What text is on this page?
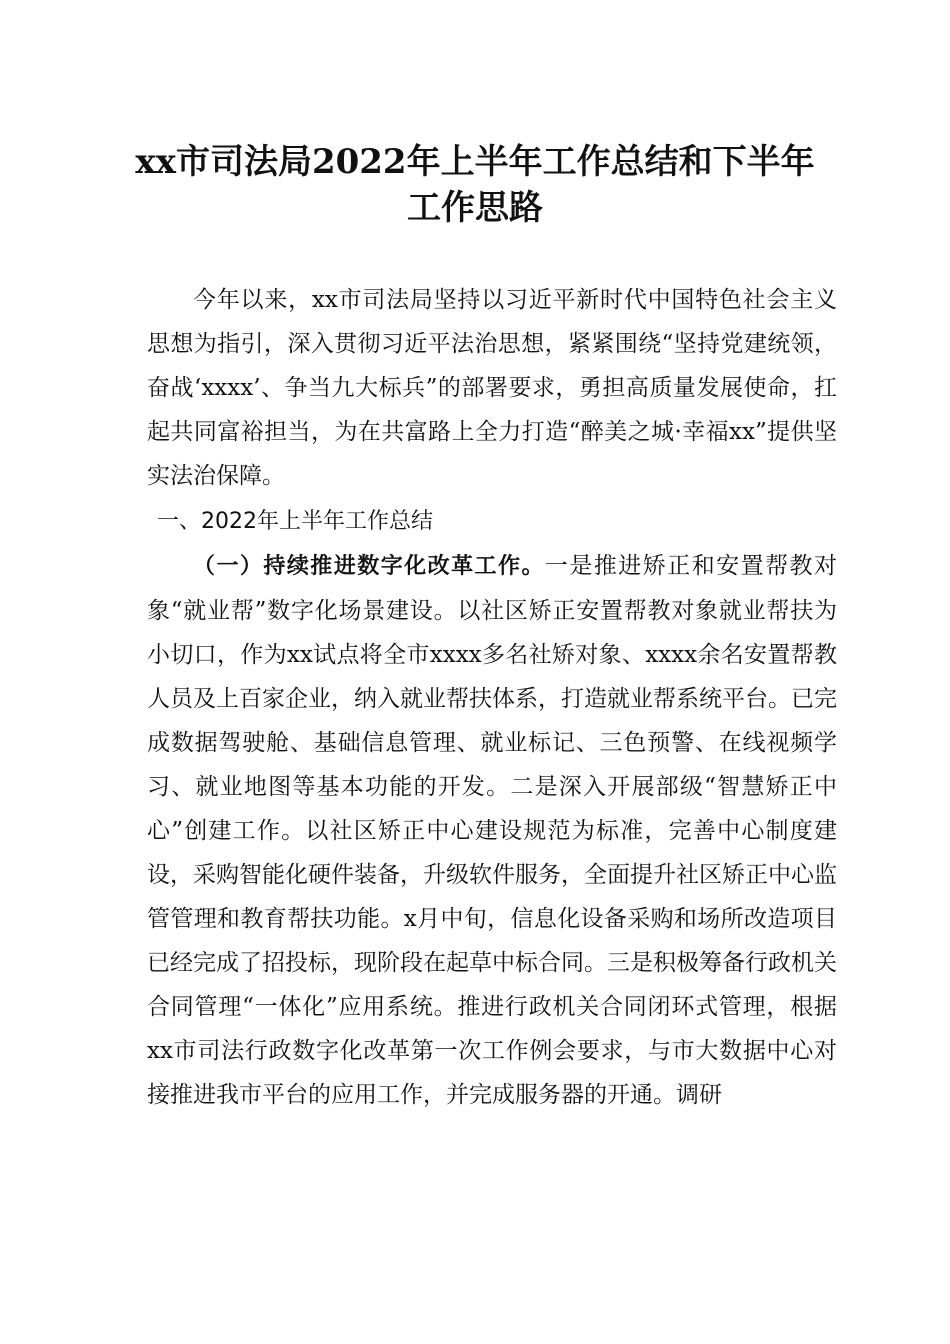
xx市司法局2022年上半年工作总结和下半年
工作思路

今年以来，xx市司法局坚持以习近平新时代中国特色社会主义思想为指引，深入贯彻习近平法治思想，紧紧围绕“坚持党建统领，奋战‘xxxx’、争当九大标兵”的部署要求，勇担高质量发展使命，扛起共同富裕担当，为在共富路上全力打造“醉美之城·幸福xx”提供坚实法治保障。

一、2022年上半年工作总结

（一）持续推进数字化改革工作。一是推进矫正和安置帮教对象“就业帮”数字化场景建设。以社区矫正安置帮教对象就业帮扶为小切口，作为xx试点将全市xxxx多名社矫对象、xxxx余名安置帮教人员及上百家企业，纳入就业帮扶体系，打造就业帮系统平台。已完成数据驾驶舱、基础信息管理、就业标记、三色预警、在线视频学习、就业地图等基本功能的开发。二是深入开展部级“智慧矫正中心”创建工作。以社区矫正中心建设规范为标准，完善中心制度建设，采购智能化硬件装备，升级软件服务，全面提升社区矫正中心监管管理和教育帮扶功能。x月中旬，信息化设备采购和场所改造项目已经完成了招投标，现阶段在起草中标合同。三是积极筹备行政机关合同管理“一体化”应用系统。推进行政机关合同闭环式管理，根据xx市司法行政数字化改革第一次工作例会要求，与市大数据中心对接推进我市平台的应用工作，并完成服务器的开通。调研
